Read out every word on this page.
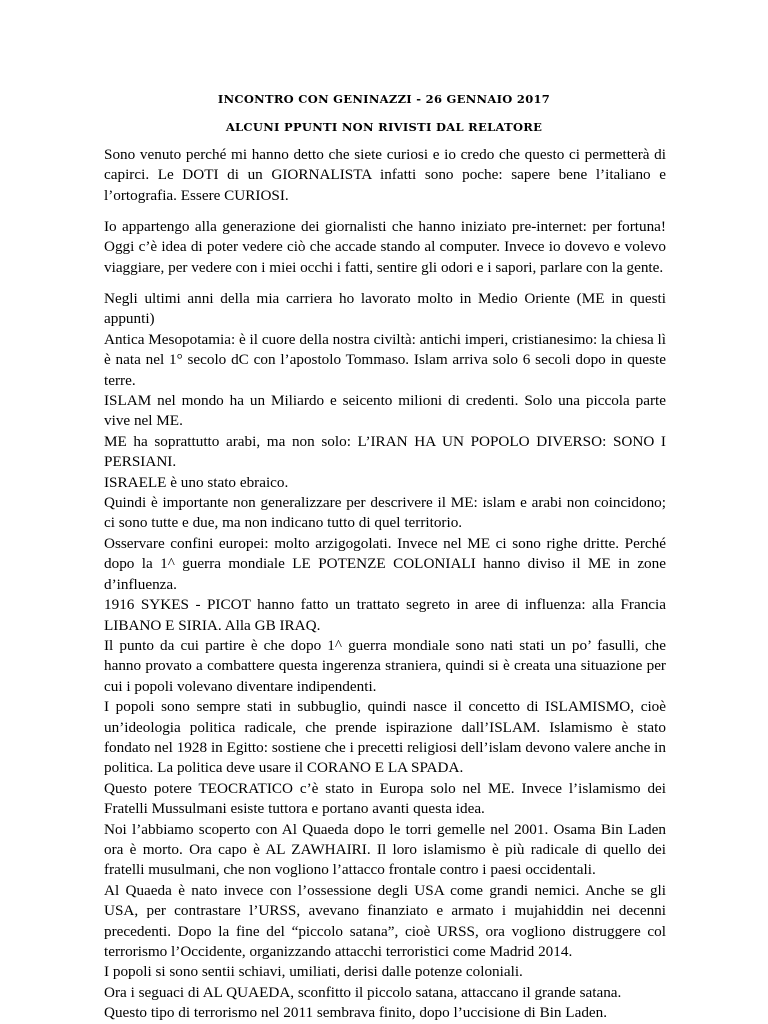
INCONTRO CON GENINAZZI - 26 GENNAIO 2017
ALCUNI PPUNTI NON RIVISTI DAL RELATORE

Sono venuto perché mi hanno detto che siete curiosi e io credo che questo ci permetterà di capirci. Le DOTI di un GIORNALISTA infatti sono poche: sapere bene l’italiano e l’ortografia. Essere CURIOSI.

Io appartengo alla generazione dei giornalisti che hanno iniziato pre-internet: per fortuna! Oggi c’è idea di poter vedere ciò che accade stando al computer. Invece io dovevo e volevo viaggiare, per vedere con i miei occhi i fatti, sentire gli odori e i sapori, parlare con la gente.

Negli ultimi anni della mia carriera ho lavorato molto in Medio Oriente (ME in questi appunti)

Antica Mesopotamia: è il cuore della nostra civiltà: antichi imperi, cristianesimo: la chiesa lì è nata nel 1° secolo dC con l’apostolo Tommaso. Islam arriva solo 6 secoli dopo in queste terre.

ISLAM nel mondo ha un Miliardo e seicento milioni di credenti. Solo una piccola parte vive nel ME.

ME ha soprattutto arabi, ma non solo: L’IRAN HA UN POPOLO DIVERSO: SONO I PERSIANI.

ISRAELE è uno stato ebraico.

Quindi è importante non generalizzare per descrivere il ME: islam e arabi non coincidono; ci sono tutte e due, ma non indicano tutto di quel territorio.

Osservare confini europei: molto arzigogolati. Invece nel ME ci sono righe dritte. Perché dopo la 1^ guerra mondiale LE POTENZE COLONIALI hanno diviso il ME in zone d’influenza.

1916 SYKES - PICOT hanno fatto un trattato segreto in aree di influenza: alla Francia LIBANO E SIRIA. Alla GB IRAQ.

Il punto da cui partire è che dopo 1^ guerra mondiale sono nati stati un po’ fasulli, che hanno provato a combattere questa ingerenza straniera, quindi si è creata una situazione per cui i popoli volevano diventare indipendenti.

I popoli sono sempre stati in subbuglio, quindi nasce il concetto di ISLAMISMO, cioè un’ideologia politica radicale, che prende ispirazione dall’ISLAM. Islamismo è stato fondato nel 1928 in Egitto: sostiene che i precetti religiosi dell’islam devono valere anche in politica. La politica deve usare il CORANO E LA SPADA.

Questo potere TEOCRATICO c’è stato in Europa solo nel ME. Invece l’islamismo dei Fratelli Mussulmani esiste tuttora e portano avanti questa idea.

Noi l’abbiamo scoperto con Al Quaeda dopo le torri gemelle nel 2001. Osama Bin Laden ora è morto. Ora capo è AL ZAWHAIRI. Il loro islamismo è più radicale di quello dei fratelli musulmani, che non vogliono l’attacco frontale contro i paesi occidentali.

Al Quaeda è nato invece con l’ossessione degli USA come grandi nemici. Anche se gli USA, per contrastare l’URSS, avevano finanziato e armato i mujahiddin nei decenni precedenti. Dopo la fine del “piccolo satana”, cioè URSS, ora vogliono distruggere col terrorismo l’Occidente, organizzando attacchi terroristici come Madrid 2014.

I popoli si sono sentii schiavi, umiliati, derisi dalle potenze coloniali.

Ora i seguaci di AL QUAEDA, sconfitto il piccolo satana, attaccano il grande satana.

Questo tipo di terrorismo nel 2011 sembrava finito, dopo l’uccisione di Bin Laden.
